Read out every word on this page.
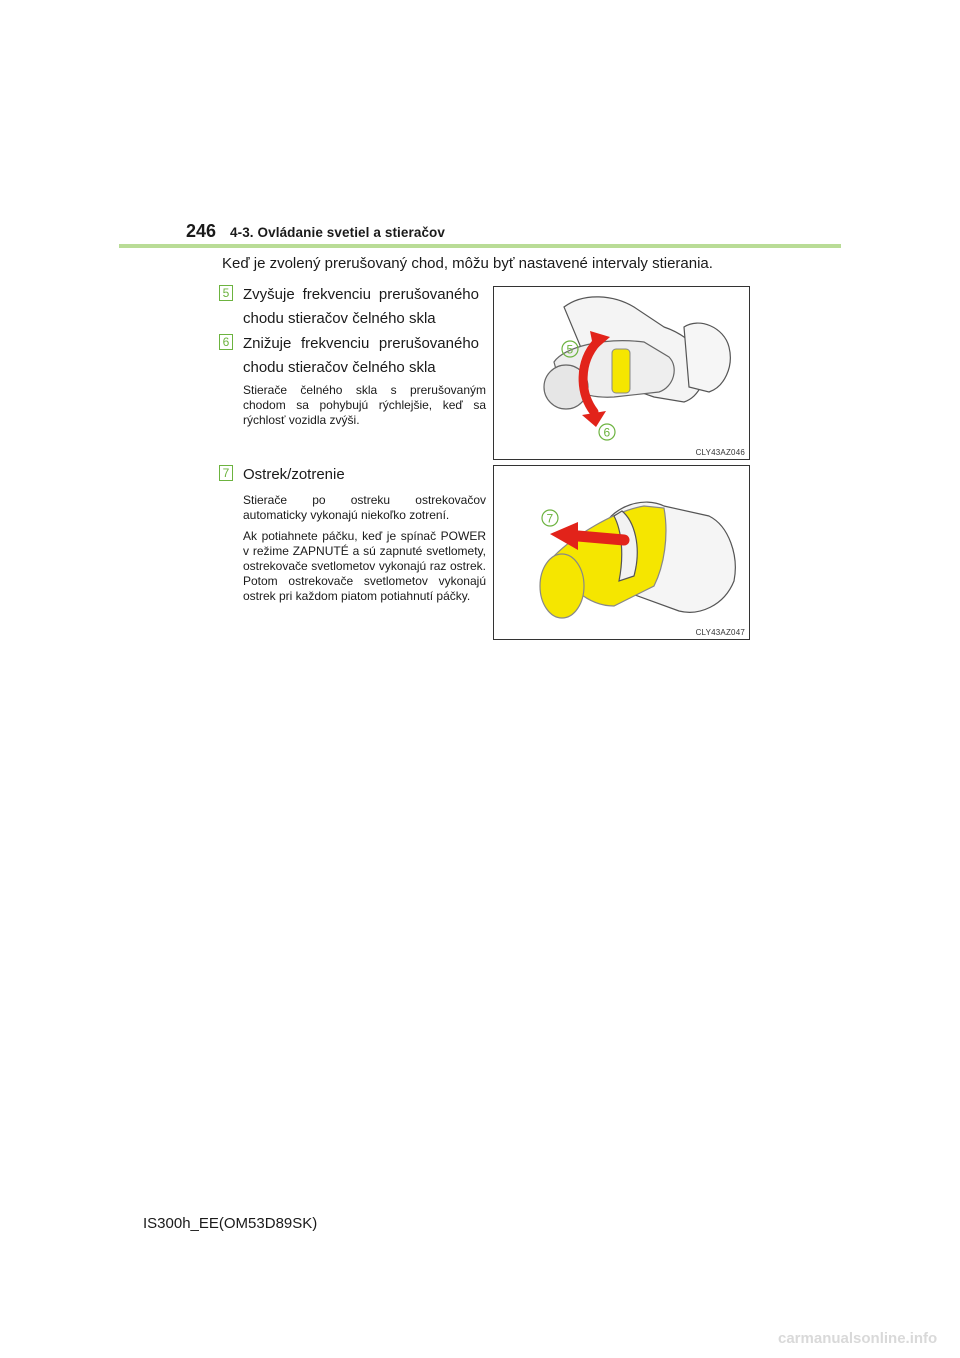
246	4-3. Ovládanie svetiel a stieračov
Keď je zvolený prerušovaný chod, môžu byť nastavené intervaly stierania.
5 Zvyšuje frekvenciu prerušovaného chodu stieračov čelného skla
6 Znižuje frekvenciu prerušovaného chodu stieračov čelného skla

Stierače čelného skla s prerušovaným chodom sa pohybujú rýchlejšie, keď sa rýchlosť vozidla zvýši.

7 Ostrek/zotrenie

Stierače po ostreku ostrekovačov automaticky vykonajú niekoľko zotrení.

Ak potiahnete páčku, keď je spínač POWER v režime ZAPNUTÉ a sú zapnuté svetlomety, ostrekovače svetlometov vykonajú raz ostrek. Potom ostrekovače svetlometov vykonajú ostrek pri každom piatom potiahnutí páčky.

5
6
CLY43AZ046
7
CLY43AZ047
IS300h_EE(OM53D89SK)
carmanualsonline.info
